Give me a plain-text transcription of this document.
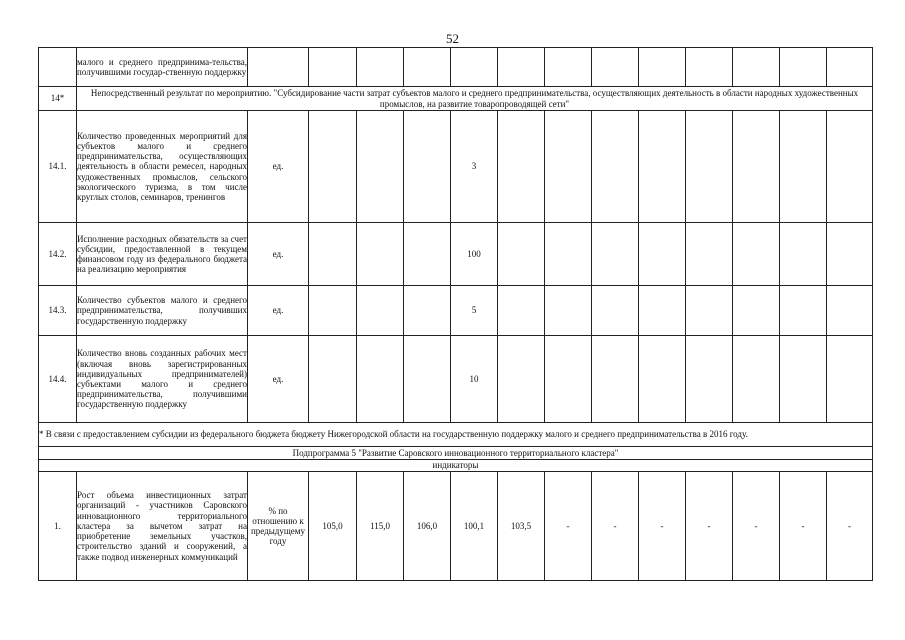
52
	малого и среднего предпринима-тельства, получившими государ-ственную поддержку													
14*	Непосредственный результат по мероприятию. "Субсидирование части затрат субъектов малого и среднего предпринимательства, осуществляющих деятельность в области народных художественных промыслов, на развитие товаропроводящей сети"													
14.1.	Количество проведенных мероприятий для субъектов малого и среднего предпринимательства, осуществляющих деятельность в области ремесел, народных художественных промыслов, сельского экологического туризма, в том числе круглых столов, семинаров, тренингов	ед.				3								
14.2.	Исполнение расходных обязательств за счет субсидии, предоставленной в текущем финансовом году из федерального бюджета на реализацию мероприятия	ед.				100								
14.3.	Количество субъектов малого и среднего предпринимательства, получивших государственную поддержку	ед.				5								
14.4.	Количество вновь созданных рабочих мест (включая вновь зарегистрированных индивидуальных предпринимателей) субъектами малого и среднего предпринимательства, получившими государственную поддержку	ед.				10								
* В связи с предоставлением субсидии из федерального бюджета бюджету Нижегородской области на государственную поддержку малого и среднего предпринимательства в 2016 году.														
Подпрограмма 5 "Развитие Саровского инновационного территориального кластера"														
индикаторы														
1.	Рост объема инвестиционных затрат организаций - участников Саровского инновационного территориального кластера за вычетом затрат на приобретение земельных участков, строительство зданий и сооружений, а также подвод инженерных коммуникаций	% по отношению к предыдущему году	105,0	115,0	106,0	100,1	103,5	-	-	-	-	-	-	-
